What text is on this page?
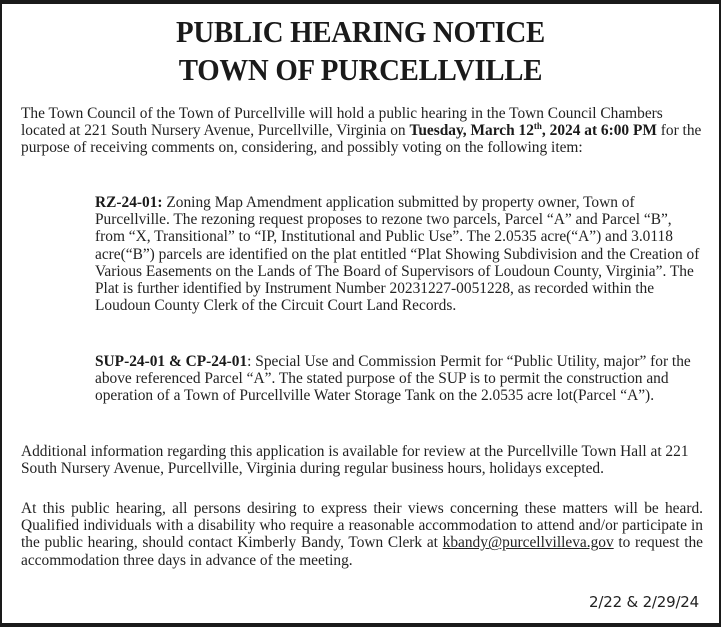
PUBLIC HEARING NOTICE
TOWN OF PURCELLVILLE

The Town Council of the Town of Purcellville will hold a public hearing in the Town Council Chambers located at 221 South Nursery Avenue, Purcellville, Virginia on Tuesday, March 12th, 2024 at 6:00 PM for the purpose of receiving comments on, considering, and possibly voting on the following item:

RZ-24-01: Zoning Map Amendment application submitted by property owner, Town of Purcellville. The rezoning request proposes to rezone two parcels, Parcel “A” and Parcel “B”, from “X, Transitional” to “IP, Institutional and Public Use”. The 2.0535 acre(“A”) and 3.0118 acre(“B”) parcels are identified on the plat entitled “Plat Showing Subdivision and the Creation of Various Easements on the Lands of The Board of Supervisors of Loudoun County, Virginia”. The Plat is further identified by Instrument Number 20231227-0051228, as recorded within the Loudoun County Clerk of the Circuit Court Land Records.

SUP-24-01 & CP-24-01: Special Use and Commission Permit for “Public Utility, major” for the above referenced Parcel “A”. The stated purpose of the SUP is to permit the construction and operation of a Town of Purcellville Water Storage Tank on the 2.0535 acre lot(Parcel “A”).

Additional information regarding this application is available for review at the Purcellville Town Hall at 221 South Nursery Avenue, Purcellville, Virginia during regular business hours, holidays excepted.

At this public hearing, all persons desiring to express their views concerning these matters will be heard. Qualified individuals with a disability who require a reasonable accommodation to attend and/or participate in the public hearing, should contact Kimberly Bandy, Town Clerk at kbandy@purcellvilleva.gov to request the accommodation three days in advance of the meeting.

2/22 & 2/29/24
